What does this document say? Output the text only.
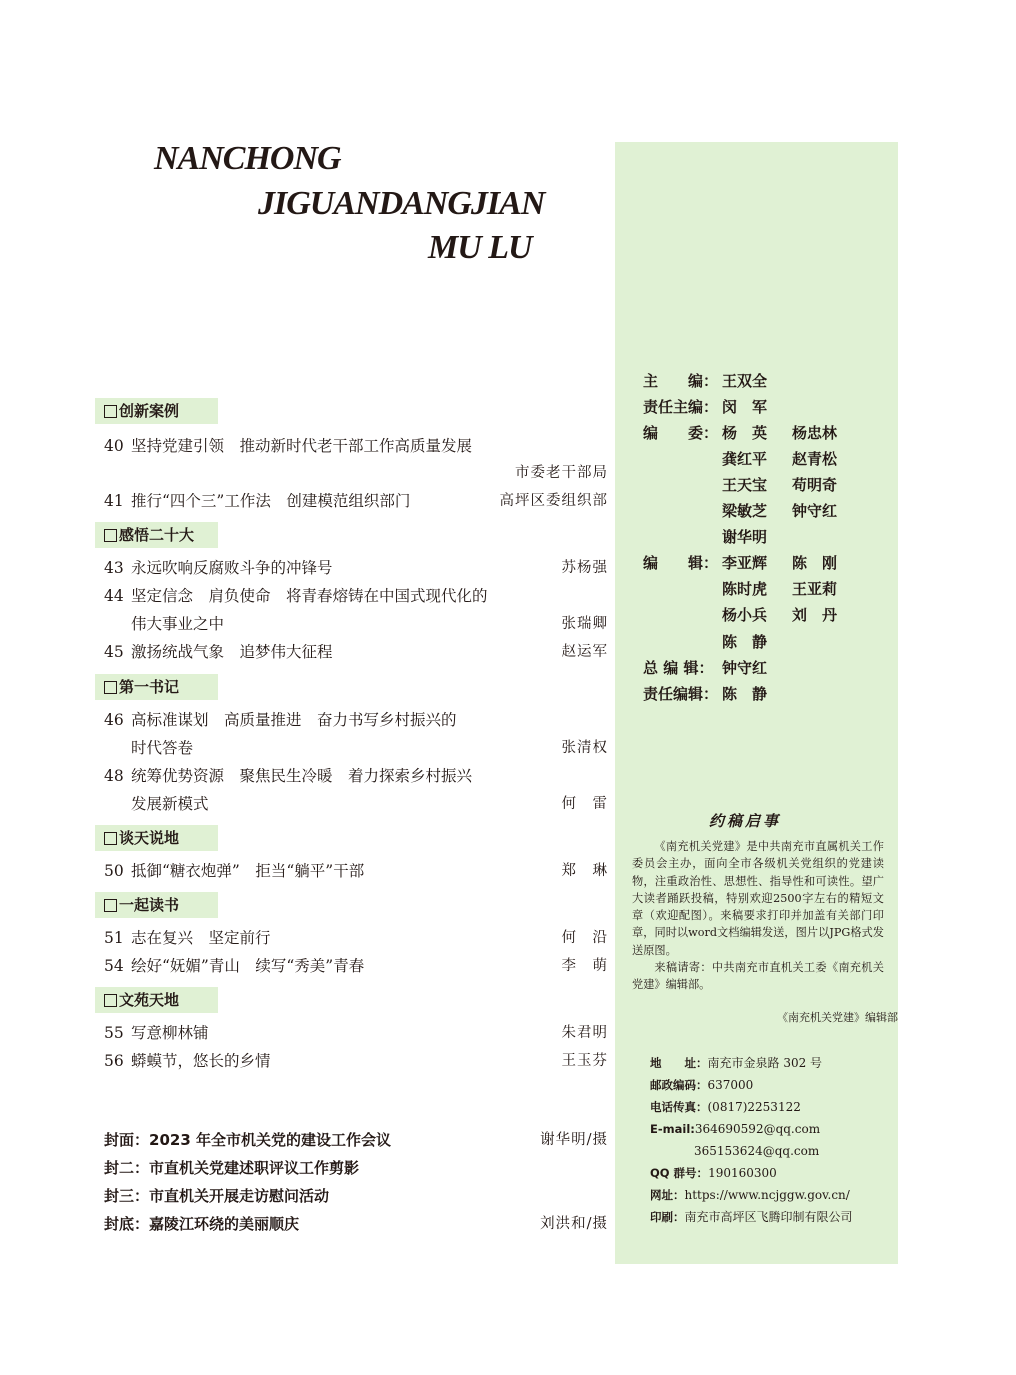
NANCHONG
JIGUANDANGJIAN
MU LU
创新案例
40 坚持党建引领　推动新时代老干部工作高质量发展
市委老干部局
41 推行“四个三”工作法　创建模范组织部门	高坪区委组织部
感悟二十大
43 永远吹响反腐败斗争的冲锋号	苏杨强
44 坚定信念　肩负使命　将青春熔铸在中国式现代化的
伟大事业之中	张瑞卿
45 激扬统战气象　追梦伟大征程	赵运军
第一书记
46 高标准谋划　高质量推进　奋力书写乡村振兴的
时代答卷	张清权
48 统筹优势资源　聚焦民生冷暖　着力探索乡村振兴
发展新模式	何　雷
谈天说地
50 抵御“糖衣炮弹”　拒当“躺平”干部	郑　琳
一起读书
51 志在复兴　坚定前行	何　沿
54 绘好“妩媚”青山　续写“秀美”青春	李　萌
文苑天地
55 写意柳林铺	朱君明
56 蟒蟆节，悠长的乡情	王玉芬
封面：2023 年全市机关党的建设工作会议	谢华明/摄
封二：市直机关党建述职评议工作剪影
封三：市直机关开展走访慰问活动
封底：嘉陵江环绕的美丽顺庆	刘洪和/摄
主　　编： 王双全
责任主编： 闵　军
编　　委： 杨　英 杨忠林
龚红平 赵青松
王天宝 苟明奇
梁敏芝 钟守红
谢华明
编　　辑： 李亚辉 陈　刚
陈时虎 王亚莉
杨小兵 刘　丹
陈　静
总 编 辑： 钟守红
责任编辑： 陈　静
约稿启事

《南充机关党建》是中共南充市直属机关工作委员会主办，面向全市各级机关党组织的党建读物，注重政治性、思想性、指导性和可读性。望广大读者踊跃投稿，特别欢迎2500字左右的精短文章（欢迎配图）。来稿要求打印并加盖有关部门印章，同时以word文档编辑发送，图片以JPG格式发送原图。

来稿请寄：中共南充市直机关工委《南充机关党建》编辑部。

《南充机关党建》编辑部
地　　址：南充市金泉路 302 号
邮政编码：637000
电话传真：(0817)2253122
E-mail:364690592@qq.com
365153624@qq.com
QQ 群号：190160300
网址：https://www.ncjggw.gov.cn/
印刷：南充市高坪区飞腾印制有限公司
